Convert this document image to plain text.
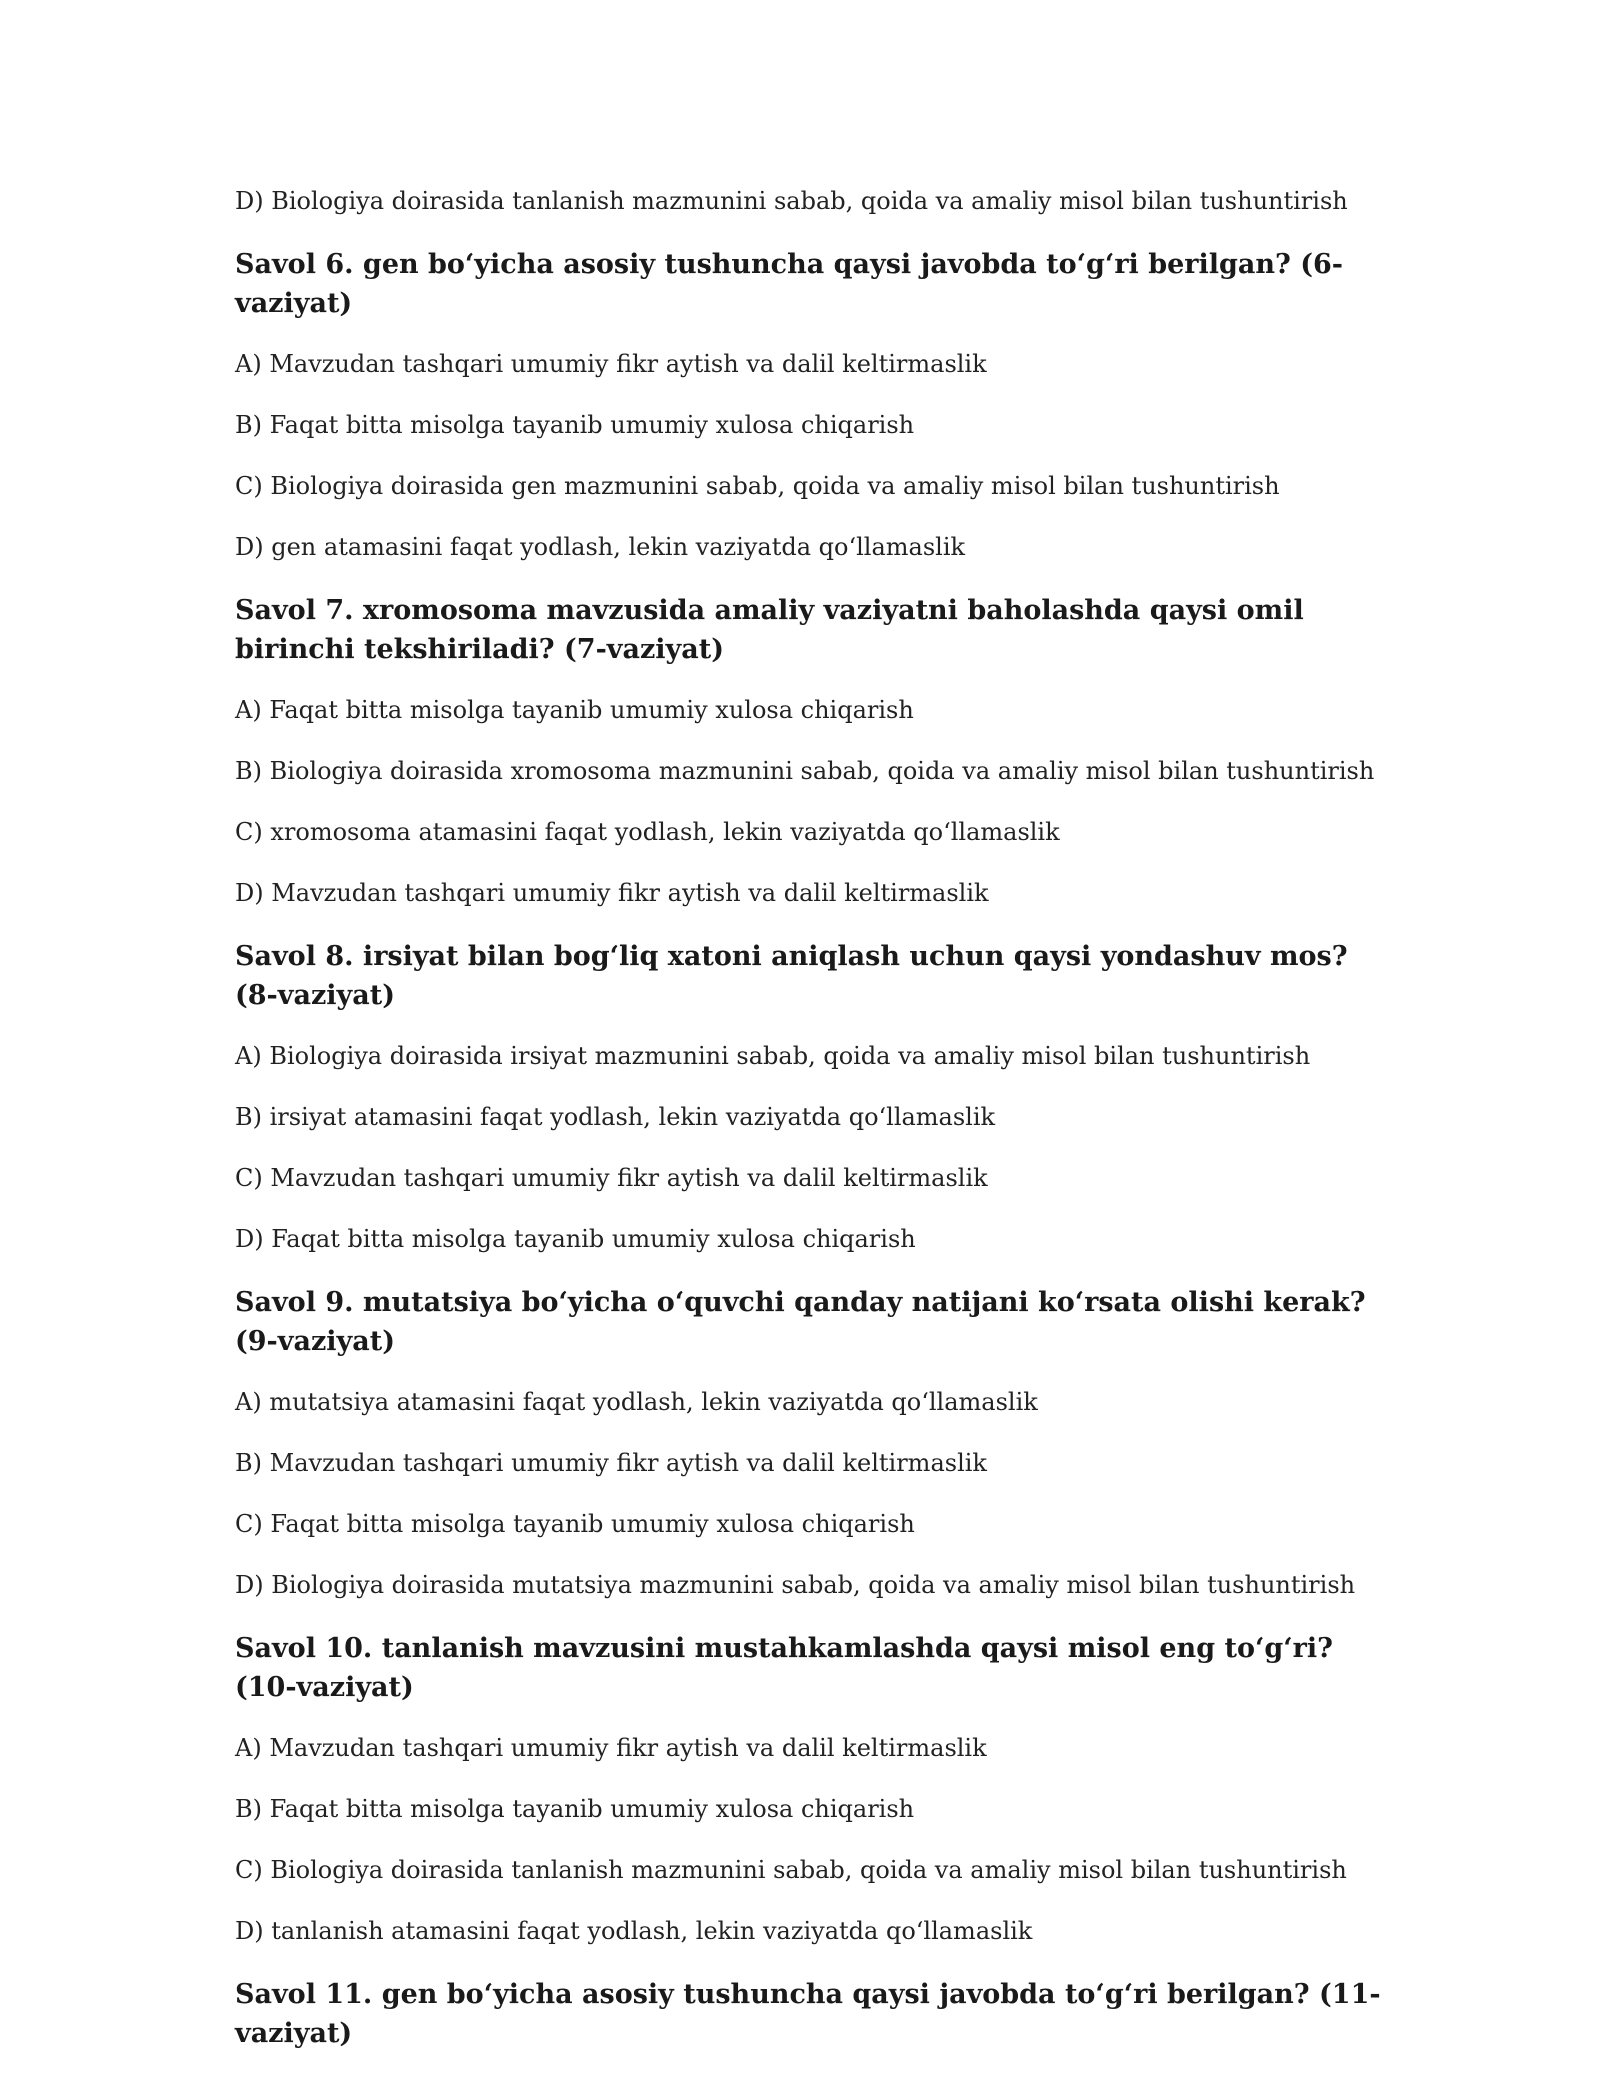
D) Biologiya doirasida tanlanish mazmunini sabab, qoida va amaliy misol bilan tushuntirish

Savol 6. gen bo‘yicha asosiy tushuncha qaysi javobda to‘g‘ri berilgan? (6-vaziyat)

A) Mavzudan tashqari umumiy fikr aytish va dalil keltirmaslik

B) Faqat bitta misolga tayanib umumiy xulosa chiqarish

C) Biologiya doirasida gen mazmunini sabab, qoida va amaliy misol bilan tushuntirish

D) gen atamasini faqat yodlash, lekin vaziyatda qo‘llamaslik

Savol 7. xromosoma mavzusida amaliy vaziyatni baholashda qaysi omil birinchi tekshiriladi? (7-vaziyat)

A) Faqat bitta misolga tayanib umumiy xulosa chiqarish

B) Biologiya doirasida xromosoma mazmunini sabab, qoida va amaliy misol bilan tushuntirish

C) xromosoma atamasini faqat yodlash, lekin vaziyatda qo‘llamaslik

D) Mavzudan tashqari umumiy fikr aytish va dalil keltirmaslik

Savol 8. irsiyat bilan bog‘liq xatoni aniqlash uchun qaysi yondashuv mos? (8-vaziyat)

A) Biologiya doirasida irsiyat mazmunini sabab, qoida va amaliy misol bilan tushuntirish

B) irsiyat atamasini faqat yodlash, lekin vaziyatda qo‘llamaslik

C) Mavzudan tashqari umumiy fikr aytish va dalil keltirmaslik

D) Faqat bitta misolga tayanib umumiy xulosa chiqarish

Savol 9. mutatsiya bo‘yicha o‘quvchi qanday natijani ko‘rsata olishi kerak? (9-vaziyat)

A) mutatsiya atamasini faqat yodlash, lekin vaziyatda qo‘llamaslik

B) Mavzudan tashqari umumiy fikr aytish va dalil keltirmaslik

C) Faqat bitta misolga tayanib umumiy xulosa chiqarish

D) Biologiya doirasida mutatsiya mazmunini sabab, qoida va amaliy misol bilan tushuntirish

Savol 10. tanlanish mavzusini mustahkamlashda qaysi misol eng to‘g‘ri? (10-vaziyat)

A) Mavzudan tashqari umumiy fikr aytish va dalil keltirmaslik

B) Faqat bitta misolga tayanib umumiy xulosa chiqarish

C) Biologiya doirasida tanlanish mazmunini sabab, qoida va amaliy misol bilan tushuntirish

D) tanlanish atamasini faqat yodlash, lekin vaziyatda qo‘llamaslik

Savol 11. gen bo‘yicha asosiy tushuncha qaysi javobda to‘g‘ri berilgan? (11-vaziyat)
